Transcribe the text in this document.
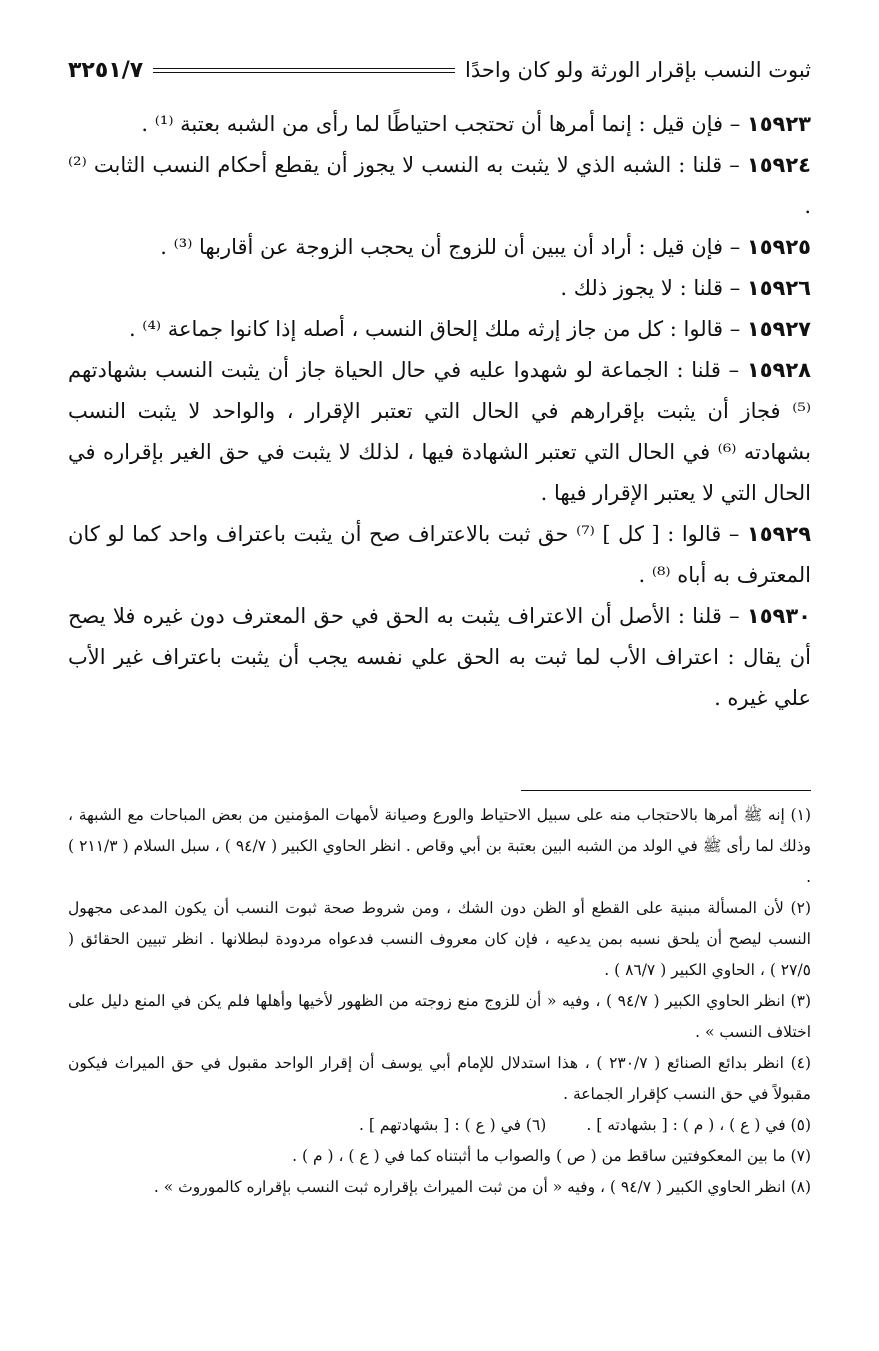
ثبوت النسب بإقرار الورثة ولو كان واحدًا
٣٢٥١/٧

١٥٩٢٣ – فإن قيل : إنما أمرها أن تحتجب احتياطًا لما رأى من الشبه بعتبة ⁽¹⁾ .

١٥٩٢٤ – قلنا : الشبه الذي لا يثبت به النسب لا يجوز أن يقطع أحكام النسب الثابت ⁽²⁾ .

١٥٩٢٥ – فإن قيل : أراد أن يبين أن للزوج أن يحجب الزوجة عن أقاربها ⁽³⁾ .

١٥٩٢٦ – قلنا : لا يجوز ذلك .

١٥٩٢٧ – قالوا : كل من جاز إرثه ملك إلحاق النسب ، أصله إذا كانوا جماعة ⁽⁴⁾ .

١٥٩٢٨ – قلنا : الجماعة لو شهدوا عليه في حال الحياة جاز أن يثبت النسب بشهادتهم ⁽⁵⁾ فجاز أن يثبت بإقرارهم في الحال التي تعتبر الإقرار ، والواحد لا يثبت النسب بشهادته ⁽⁶⁾ في الحال التي تعتبر الشهادة فيها ، لذلك لا يثبت في حق الغير بإقراره في الحال التي لا يعتبر الإقرار فيها .

١٥٩٢٩ – قالوا : [ كل ] ⁽⁷⁾ حق ثبت بالاعتراف صح أن يثبت باعتراف واحد كما لو كان المعترف به أباه ⁽⁸⁾ .

١٥٩٣٠ – قلنا : الأصل أن الاعتراف يثبت به الحق في حق المعترف دون غيره فلا يصح أن يقال : اعتراف الأب لما ثبت به الحق علي نفسه يجب أن يثبت باعتراف غير الأب علي غيره .

(١) إنه ﷺ أمرها بالاحتجاب منه على سبيل الاحتياط والورع وصيانة لأمهات المؤمنين من بعض المباحات مع الشبهة ، وذلك لما رأى ﷺ في الولد من الشبه البين بعتبة بن أبي وقاص . انظر الحاوي الكبير ( ٩٤/٧ ) ، سبل السلام ( ٢١١/٣ ) .

(٢) لأن المسألة مبنية على القطع أو الظن دون الشك ، ومن شروط صحة ثبوت النسب أن يكون المدعى مجهول النسب ليصح أن يلحق نسبه بمن يدعيه ، فإن كان معروف النسب فدعواه مردودة لبطلانها . انظر تبيين الحقائق ( ٢٧/٥ ) ، الحاوي الكبير ( ٨٦/٧ ) .

(٣) انظر الحاوي الكبير ( ٩٤/٧ ) ، وفيه « أن للزوج منع زوجته من الظهور لأخيها وأهلها فلم يكن في المنع دليل على اختلاف النسب » .

(٤) انظر بدائع الصنائع ( ٢٣٠/٧ ) ، هذا استدلال للإمام أبي يوسف أن إقرار الواحد مقبول في حق الميراث فيكون مقبولاً في حق النسب كإقرار الجماعة .

(٥) في ( ع ) ، ( م ) : [ بشهادته ] .
(٦) في ( ع ) : [ بشهادتهم ] .

(٧) ما بين المعكوفتين ساقط من ( ص ) والصواب ما أثبتناه كما في ( ع ) ، ( م ) .

(٨) انظر الحاوي الكبير ( ٩٤/٧ ) ، وفيه « أن من ثبت الميراث بإقراره ثبت النسب بإقراره كالموروث » .
